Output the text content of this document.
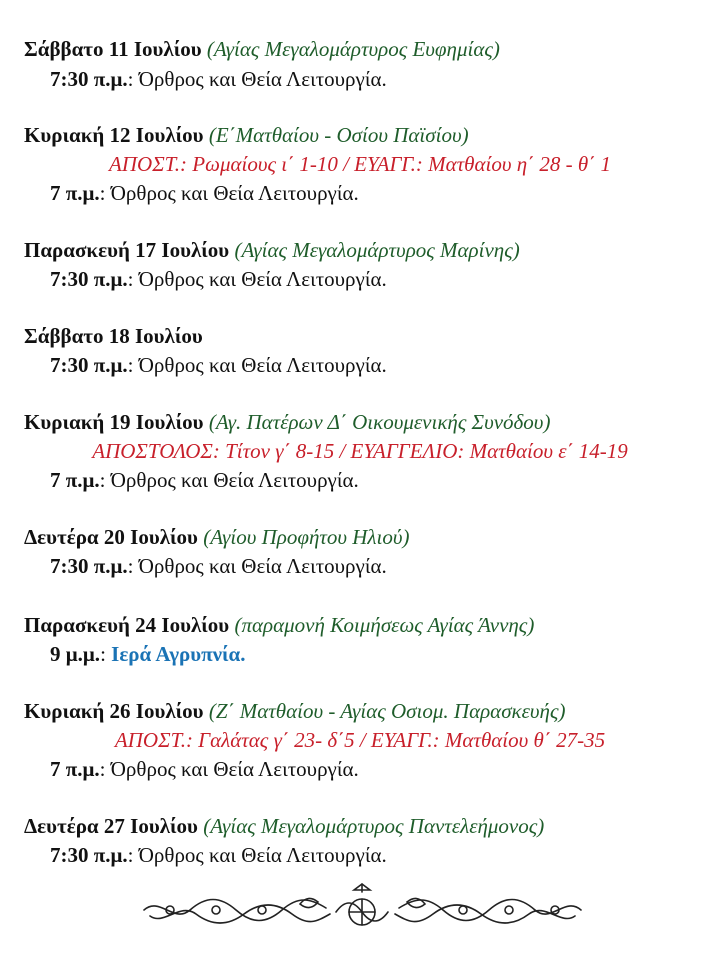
Σάββατο 11 Ιουλίου (Αγίας Μεγαλομάρτυρος Ευφημίας)
7:30 π.μ.: Όρθρος και Θεία Λειτουργία.
Κυριακή 12 Ιουλίου (Ε΄Ματθαίου - Οσίου Παϊσίου)
ΑΠΟΣΤ.: Ρωμαίους ι΄ 1-10 / ΕΥΑΓΓ.: Ματθαίου η΄ 28 - θ΄ 1
7 π.μ.: Όρθρος και Θεία Λειτουργία.
Παρασκευή 17 Ιουλίου (Αγίας Μεγαλομάρτυρος Μαρίνης)
7:30 π.μ.: Όρθρος και Θεία Λειτουργία.
Σάββατο 18 Ιουλίου
7:30 π.μ.: Όρθρος και Θεία Λειτουργία.
Κυριακή 19 Ιουλίου (Αγ. Πατέρων Δ΄ Οικουμενικής Συνόδου)
ΑΠΟΣΤΟΛΟΣ: Τίτον γ΄ 8-15 / ΕΥΑΓΓΕΛΙΟ: Ματθαίου ε΄ 14-19
7 π.μ.: Όρθρος και Θεία Λειτουργία.
Δευτέρα 20 Ιουλίου (Αγίου Προφήτου Ηλιού)
7:30 π.μ.: Όρθρος και Θεία Λειτουργία.
Παρασκευή 24 Ιουλίου (παραμονή Κοιμήσεως Αγίας Άννης)
9 μ.μ.: Ιερά Αγρυπνία.
Κυριακή 26 Ιουλίου (Ζ΄ Ματθαίου - Αγίας Οσιομ. Παρασκευής)
ΑΠΟΣΤ.: Γαλάτας γ΄ 23- δ΄5 / ΕΥΑΓΓ.: Ματθαίου θ΄ 27-35
7 π.μ.: Όρθρος και Θεία Λειτουργία.
Δευτέρα 27 Ιουλίου (Αγίας Μεγαλομάρτυρος Παντελεήμονος)
7:30 π.μ.: Όρθρος και Θεία Λειτουργία.
